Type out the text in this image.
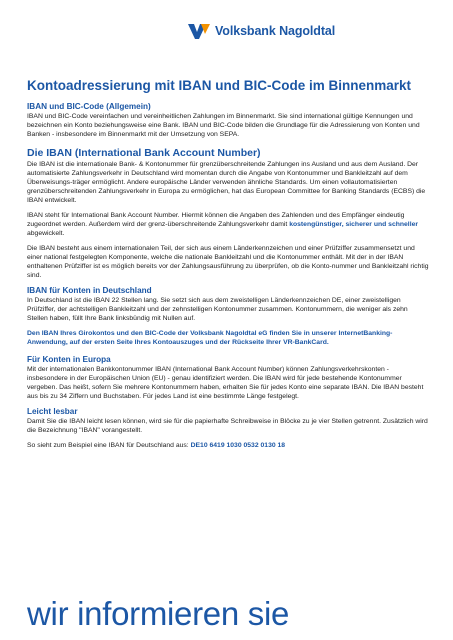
Volksbank Nagoldtal
Kontoadressierung mit IBAN und BIC-Code im Binnenmarkt
IBAN und BIC-Code (Allgemein)

IBAN und BIC-Code vereinfachen und vereinheitlichen Zahlungen im Binnenmarkt. Sie sind international gültige Kennungen und bezeichnen ein Konto beziehungsweise eine Bank. IBAN und BIC-Code bilden die Grundlage für die Adressierung von Konten und Banken - insbesondere im Binnenmarkt mit der Umsetzung von SEPA.

Die IBAN (International Bank Account Number)

Die IBAN ist die internationale Bank- & Kontonummer für grenzüberschreitende Zahlungen ins Ausland und aus dem Ausland. Der automatisierte Zahlungsverkehr in Deutschland wird momentan durch die Angabe von Kontonummer und Bankleitzahl auf dem Überweisungs-träger ermöglicht. Andere europäische Länder verwenden ähnliche Standards. Um einen vollautomatisierten grenzüberschreitenden Zahlungsverkehr in Europa zu ermöglichen, hat das European Committee for Banking Standards (ECBS) die IBAN entwickelt.

IBAN steht für International Bank Account Number. Hiermit können die Angaben des Zahlenden und des Empfänger eindeutig zugeordnet werden. Außerdem wird der grenz-überschreitende Zahlungsverkehr damit kostengünstiger, sicherer und schneller abgewickelt.

Die IBAN besteht aus einem internationalen Teil, der sich aus einem Länderkennzeichen und einer Prüfziffer zusammensetzt und einer national festgelegten Komponente, welche die nationale Bankleitzahl und die Kontonummer enthält. Mit der in der IBAN enthaltenen Prüfziffer ist es möglich bereits vor der Zahlungsausführung zu überprüfen, ob die Konto-nummer und Bankleitzahl richtig sind.

IBAN für Konten in Deutschland

In Deutschland ist die IBAN 22 Stellen lang. Sie setzt sich aus dem zweistelligen Länderkennzeichen DE, einer zweistelligen Prüfziffer, der achtstelligen Bankleitzahl und der zehnstelligen Kontonummer zusammen. Kontonummern, die weniger als zehn Stellen haben, füllt Ihre Bank linksbündig mit Nullen auf.

Den IBAN Ihres Girokontos und den BIC-Code der Volksbank Nagoldtal eG finden Sie in unserer InternetBanking-Anwendung, auf der ersten Seite Ihres Kontoauszuges und der Rückseite Ihrer VR-BankCard.

Für Konten in Europa

Mit der internationalen Bankkontonummer IBAN (International Bank Account Number) können Zahlungsverkehrskonten - insbesondere in der Europäischen Union (EU) - genau identifiziert werden. Die IBAN wird für jede bestehende Kontonummer vergeben. Das heißt, sofern Sie mehrere Kontonummern haben, erhalten Sie für jedes Konto eine separate IBAN. Die IBAN besteht aus bis zu 34 Ziffern und Buchstaben. Für jedes Land ist eine bestimmte Länge festgelegt.

Leicht lesbar

Damit Sie die IBAN leicht lesen können, wird sie für die papierhafte Schreibweise in Blöcke zu je vier Stellen getrennt. Zusätzlich wird die Bezeichnung "IBAN" vorangestellt.

So sieht zum Beispiel eine IBAN für Deutschland aus: DE10 6419 1030 0532 0130 18

wir informieren sie
